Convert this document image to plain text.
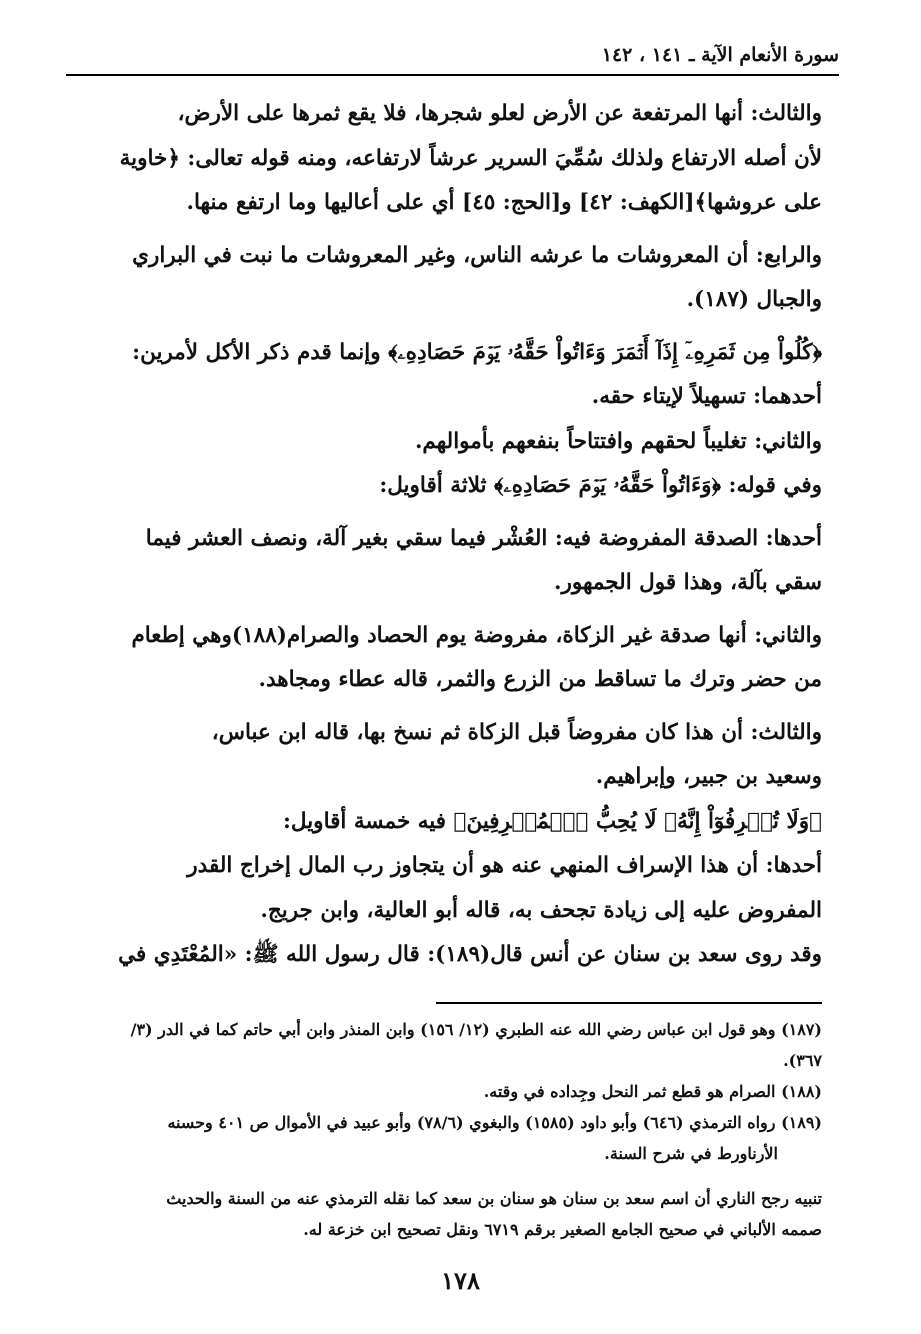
سورة الأنعام الآية ـ ١٤١ ، ١٤٢
والثالث: أنها المرتفعة عن الأرض لعلو شجرها، فلا يقع ثمرها على الأرض،
لأن أصله الارتفاع ولذلك سُمِّيَ السرير عرشاً لارتفاعه، ومنه قوله تعالى: ﴿خاوية
على عروشها﴾[الكهف: ٤٢] و[الحج: ٤٥] أي على أعاليها وما ارتفع منها.
والرابع: أن المعروشات ما عرشه الناس، وغير المعروشات ما نبت في البراري
والجبال (١٨٧).
﴿كُلُواْ مِن ثَمَرِهِۦٓ إِذَآ أَثۡمَرَ وَءَاتُواْ حَقَّهُۥ يَوۡمَ حَصَادِهِۦ﴾ وإنما قدم ذكر الأكل لأمرين:
أحدهما: تسهيلاً لإيتاء حقه.
والثاني: تغليباً لحقهم وافتتاحاً بنفعهم بأموالهم.
وفي قوله: ﴿وَءَاتُواْ حَقَّهُۥ يَوۡمَ حَصَادِهِۦ﴾ ثلاثة أقاويل:
أحدها: الصدقة المفروضة فيه: العُشْر فيما سقي بغير آلة، ونصف العشر فيما
سقي بآلة، وهذا قول الجمهور.
والثاني: أنها صدقة غير الزكاة، مفروضة يوم الحصاد والصرام(١٨٨)وهي إطعام
من حضر وترك ما تساقط من الزرع والثمر، قاله عطاء ومجاهد.
والثالث: أن هذا كان مفروضاً قبل الزكاة ثم نسخ بها، قاله ابن عباس،
وسعيد بن جبير، وإبراهيم.
﴿وَلَا تُسۡرِفُوٓاْ إِنَّهُۥ لَا يُحِبُّ ٱلۡمُسۡرِفِينَ﴾ فيه خمسة أقاويل:
أحدها: أن هذا الإسراف المنهي عنه هو أن يتجاوز رب المال إخراج القدر
المفروض عليه إلى زيادة تجحف به، قاله أبو العالية، وابن جريج.
وقد روى سعد بن سنان عن أنس قال(١٨٩): قال رسول الله ﷺ: «المُعْتَدِي في
(١٨٧) وهو قول ابن عباس رضي الله عنه الطبري (١٢/ ١٥٦) وابن المنذر وابن أبي حاتم كما في الدر (٣/
٣٦٧).
(١٨٨) الصرام هو قطع ثمر النحل وجِداده في وقته.
(١٨٩) رواه الترمذي (٦٤٦) وأبو داود (١٥٨٥) والبغوي (٧٨/٦) وأبو عبيد في الأموال ص ٤٠١ وحسنه
الأرناورط في شرح السنة.
تنبيه رجح الناري أن اسم سعد بن سنان هو سنان بن سعد كما نقله الترمذي عنه من السنة والحديث
صممه الألباني في صحيح الجامع الصغير برقم ٦٧١٩ ونقل تصحيح ابن خزعة له.
١٧٨
